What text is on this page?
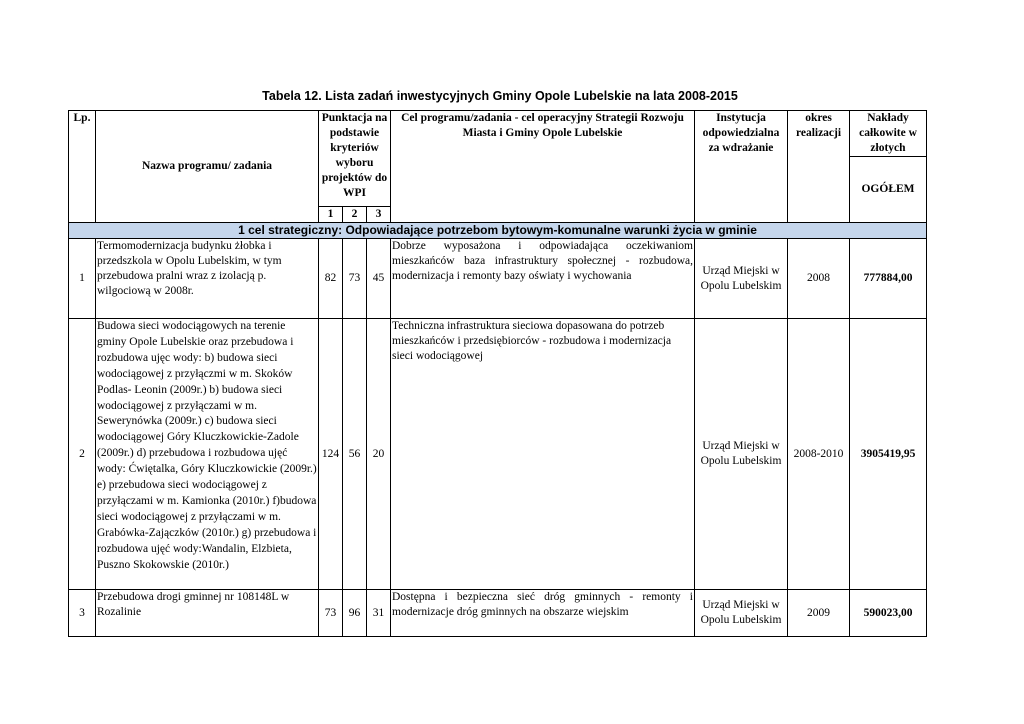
Tabela 12. Lista zadań inwestycyjnych Gminy Opole Lubelskie na lata 2008-2015
Lp.	Nazwa programu/ zadania	Punktacja na podstawie kryteriów wyboru projektów do WPI			Cel programu/zadania - cel operacyjny Strategii Rozwoju Miasta i Gminy Opole Lubelskie	Instytucja odpowiedzialna za wdrażanie	okres realizacji	Nakłady całkowite w złotych
								OGÓŁEM
		1	2	3				
1 cel strategiczny: Odpowiadające potrzebom bytowym-komunalne warunki życia w gminie								
1	Termomodernizacja budynku żłobka i przedszkola w Opolu Lubelskim, w tym przebudowa pralni wraz z izolacją p. wilgociową w 2008r.	82	73	45	Dobrze wyposażona i odpowiadająca oczekiwaniom mieszkańców baza infrastruktury społecznej - rozbudowa, modernizacja i remonty bazy oświaty i wychowania	Urząd Miejski w Opolu Lubelskim	2008	777884,00
2	Budowa sieci wodociągowych na terenie gminy Opole Lubelskie oraz przebudowa i rozbudowa ujęc wody: b) budowa sieci wodociągowej z przyłączmi w m. Skoków Podlas- Leonin (2009r.) b) budowa sieci wodociągowej z przyłączami w m. Sewerynówka (2009r.) c) budowa sieci wodociągowej Góry Kluczkowickie-Zadole (2009r.) d) przebudowa i rozbudowa ujęć wody: Ćwiętalka, Góry Kluczkowickie (2009r.) e) przebudowa sieci wodociągowej z przyłączami w m. Kamionka (2010r.) f)budowa sieci wodociągowej z przyłączami w m. Grabówka-Zajączków (2010r.) g) przebudowa i rozbudowa ujęć wody:Wandalin, Elzbieta, Puszno Skokowskie (2010r.)	124	56	20	Techniczna infrastruktura sieciowa dopasowana do potrzeb mieszkańców i przedsiębiorców - rozbudowa i modernizacja sieci wodociągowej	Urząd Miejski w Opolu Lubelskim	2008-2010	3905419,95
3	Przebudowa drogi gminnej nr 108148L w Rozalinie	73	96	31	Dostępna i bezpieczna sieć dróg gminnych - remonty i modernizacje dróg gminnych na obszarze wiejskim	Urząd Miejski w Opolu Lubelskim	2009	590023,00
